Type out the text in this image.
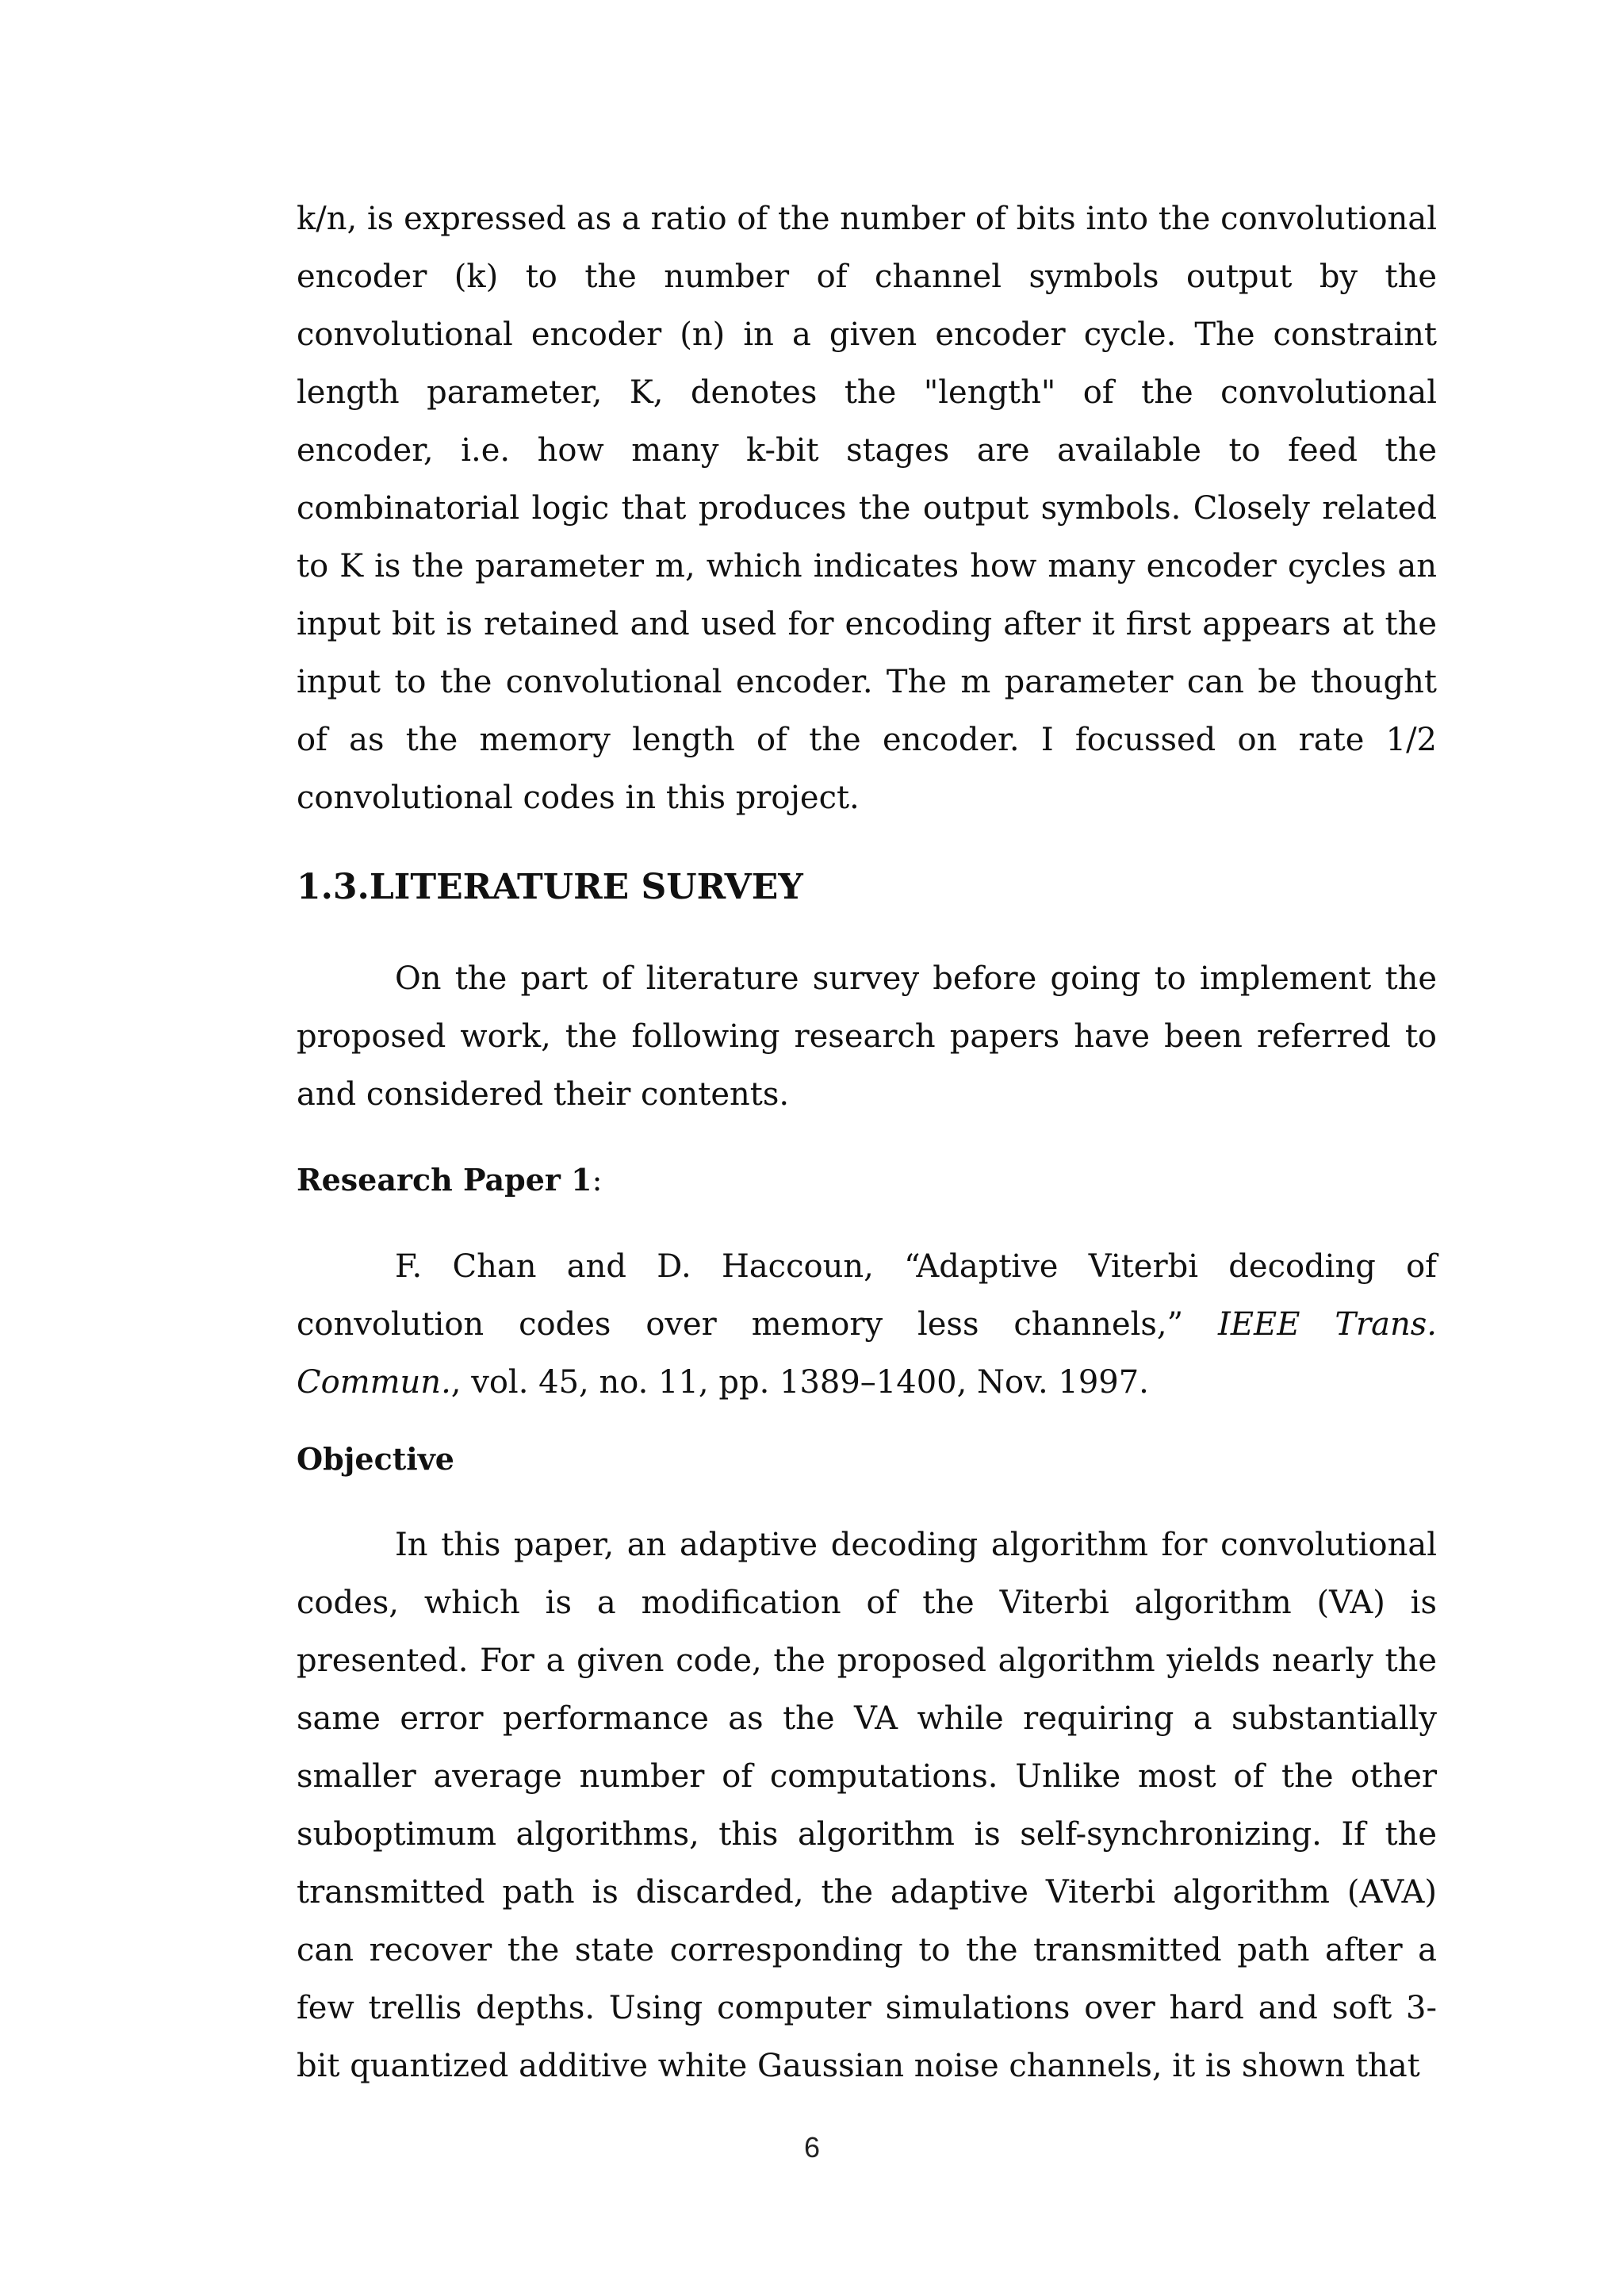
k/n, is expressed as a ratio of the number of bits into the convolutional encoder (k) to the number of channel symbols output by the convolutional encoder (n) in a given encoder cycle. The constraint length parameter, K, denotes the "length" of the convolutional encoder, i.e. how many k-bit stages are available to feed the combinatorial logic that produces the output symbols. Closely related to K is the parameter m, which indicates how many encoder cycles an input bit is retained and used for encoding after it first appears at the input to the convolutional encoder. The m parameter can be thought of as the memory length of the encoder. I focussed on rate 1/2 convolutional codes in this project.

1.3.LITERATURE SURVEY

On the part of literature survey before going to implement the proposed work, the following research papers have been referred to and considered their contents.

Research Paper 1:

F. Chan and D. Haccoun, “Adaptive Viterbi decoding of convolution codes over memory less channels,” IEEE Trans. Commun., vol. 45, no. 11, pp. 1389–1400, Nov. 1997.

Objective

In this paper, an adaptive decoding algorithm for convolutional codes, which is a modification of the Viterbi algorithm (VA) is presented. For a given code, the proposed algorithm yields nearly the same error performance as the VA while requiring a substantially smaller average number of computations. Unlike most of the other suboptimum algorithms, this algorithm is self-synchronizing. If the transmitted path is discarded, the adaptive Viterbi algorithm (AVA) can recover the state corresponding to the transmitted path after a few trellis depths. Using computer simulations over hard and soft 3-bit quantized additive white Gaussian noise channels, it is shown that

6
